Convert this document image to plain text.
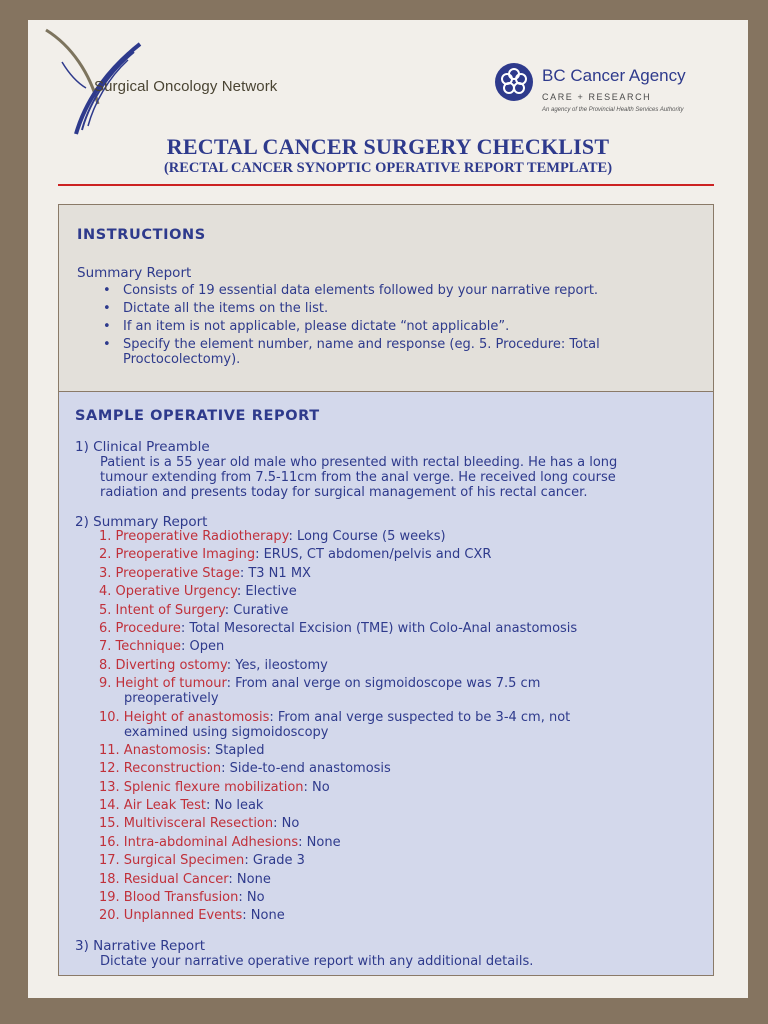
Surgical Oncology Network
BC Cancer Agency
CARE + RESEARCH
An agency of the Provincial Health Services Authority
RECTAL CANCER SURGERY CHECKLIST
(RECTAL CANCER SYNOPTIC OPERATIVE REPORT TEMPLATE)
INSTRUCTIONS
Summary Report
• Consists of 19 essential data elements followed by your narrative report.
• Dictate all the items on the list.
• If an item is not applicable, please dictate “not applicable”.
• Specify the element number, name and response (eg. 5. Procedure: Total Proctocolectomy).
SAMPLE OPERATIVE REPORT
1) Clinical Preamble
Patient is a 55 year old male who presented with rectal bleeding. He has a long
tumour extending from 7.5-11cm from the anal verge. He received long course
radiation and presents today for surgical management of his rectal cancer.
2) Summary Report
1. Preoperative Radiotherapy: Long Course (5 weeks)
2. Preoperative Imaging: ERUS, CT abdomen/pelvis and CXR
3. Preoperative Stage: T3 N1 MX
4. Operative Urgency: Elective
5. Intent of Surgery: Curative
6. Procedure: Total Mesorectal Excision (TME) with Colo-Anal anastomosis
7. Technique: Open
8. Diverting ostomy: Yes, ileostomy
9. Height of tumour: From anal verge on sigmoidoscope was 7.5 cm
preoperatively
10. Height of anastomosis: From anal verge suspected to be 3-4 cm, not
examined using sigmoidoscopy
11. Anastomosis: Stapled
12. Reconstruction: Side-to-end anastomosis
13. Splenic flexure mobilization: No
14. Air Leak Test: No leak
15. Multivisceral Resection: No
16. Intra-abdominal Adhesions: None
17. Surgical Specimen: Grade 3
18. Residual Cancer: None
19. Blood Transfusion: No
20. Unplanned Events: None
3) Narrative Report
Dictate your narrative operative report with any additional details.
